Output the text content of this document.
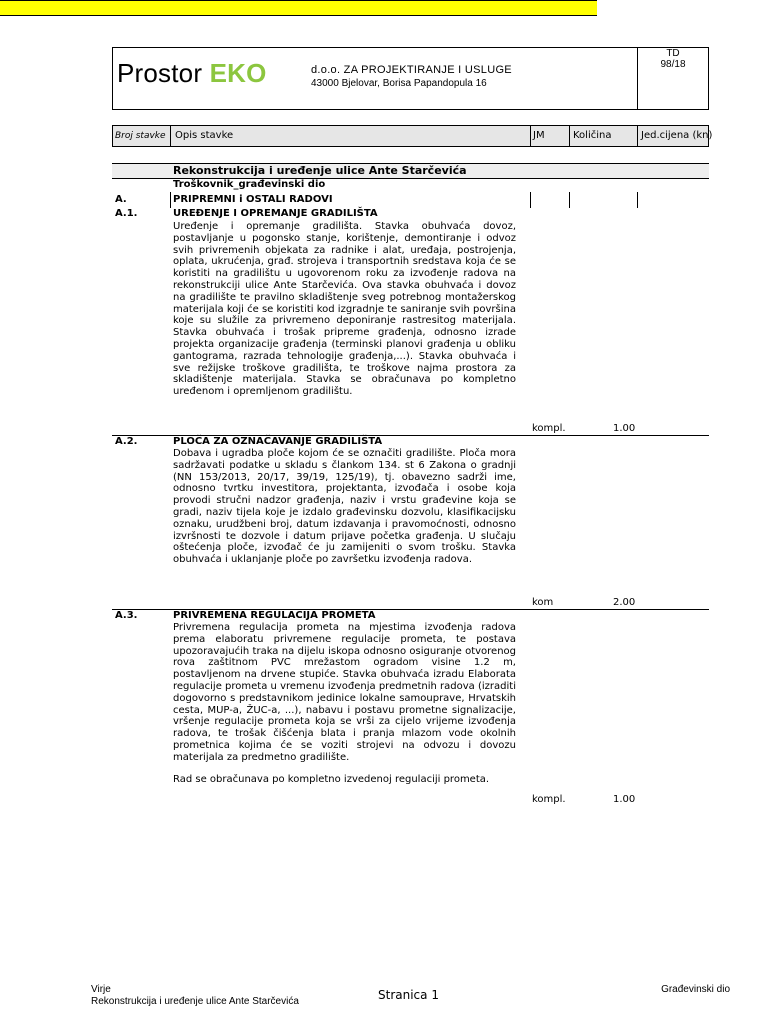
Prostor EKO	d.o.o. ZA PROJEKTIRANJE I USLUGE
43000 Bjelovar, Borisa Papandopula 16
TD
98/18
Broj stavke Opis stavke	JM	Količina	Jed.cijena (kn)
Rekonstrukcija i uređenje ulice Ante Starčevića
Troškovnik_građevinski dio
A.	PRIPREMNI i OSTALI RADOVI
A.1.	UREĐENJE I OPREMANJE GRADILIŠTA
Uređenje i opremanje gradilišta. Stavka obuhvaća dovoz, postavljanje u pogonsko stanje, korištenje, demontiranje i odvoz svih privremenih objekata za radnike i alat, uređaja, postrojenja, oplata, ukrućenja, građ. strojeva i transportnih sredstava koja će se koristiti na gradilištu u ugovorenom roku za izvođenje radova na rekonstrukciji ulice Ante Starčevića. Ova stavka obuhvaća i dovoz na gradilište te pravilno skladištenje sveg potrebnog montažerskog materijala koji će se koristiti kod izgradnje te saniranje svih površina koje su služile za privremeno deponiranje rastresitog materijala. Stavka obuhvaća i trošak pripreme građenja, odnosno izrade projekta organizacije građenja (terminski planovi građenja u obliku gantograma, razrada tehnologije građenja,...). Stavka obuhvaća i sve režijske troškove gradilišta, te troškove najma prostora za skladištenje materijala. Stavka se obračunava po kompletno uređenom i opremljenom gradilištu.
kompl.	1.00
A.2.	PLOČA ZA OZNAČAVANJE GRADILIŠTA
Dobava i ugradba ploče kojom će se označiti gradilište. Ploča mora sadržavati podatke u skladu s člankom 134. st 6 Zakona o gradnji (NN 153/2013, 20/17, 39/19, 125/19), tj. obavezno sadrži ime, odnosno tvrtku investitora, projektanta, izvođača i osobe koja provodi stručni nadzor građenja, naziv i vrstu građevine koja se gradi, naziv tijela koje je izdalo građevinsku dozvolu, klasifikacijsku oznaku, urudžbeni broj, datum izdavanja i pravomoćnosti, odnosno izvršnosti te dozvole i datum prijave početka građenja. U slučaju oštećenja ploče, izvođač će ju zamijeniti o svom trošku. Stavka obuhvaća i uklanjanje ploče po završetku izvođenja radova.
kom	2.00
A.3.	PRIVREMENA REGULACIJA PROMETA
Privremena regulacija prometa na mjestima izvođenja radova prema elaboratu privremene regulacije prometa, te postava upozoravajućih traka na dijelu iskopa odnosno osiguranje otvorenog rova zaštitnom PVC mrežastom ogradom visine 1.2 m, postavljenom na drvene stupiće. Stavka obuhvaća izradu Elaborata regulacije prometa u vremenu izvođenja predmetnih radova (izraditi dogovorno s predstavnikom jedinice lokalne samouprave, Hrvatskih cesta, MUP-a, ŽUC-a, ...), nabavu i postavu prometne signalizacije, vršenje regulacije prometa koja se vrši za cijelo vrijeme izvođenja radova, te trošak čišćenja blata i pranja mlazom vode okolnih prometnica kojima će se voziti strojevi na odvozu i dovozu materijala za predmetno gradilište.
Rad se obračunava po kompletno izvedenoj regulaciji prometa.
kompl.	1.00
Virje
Rekonstrukcija i uređenje ulice Ante Starčevića	Stranica 1	Građevinski dio
